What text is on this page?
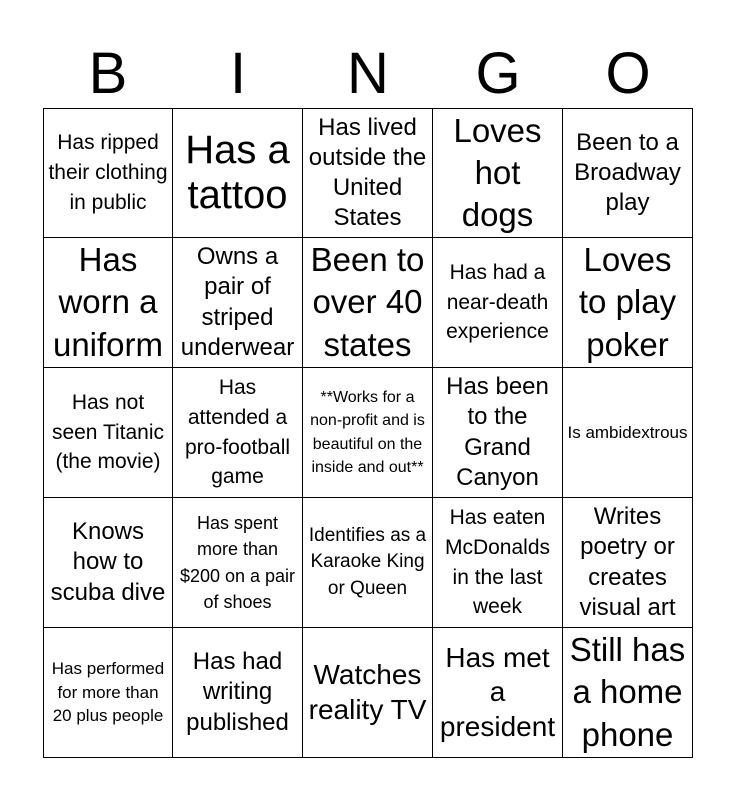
B	I	N	G	O
Has ripped their clothing in public
Has a tattoo
Has lived outside the United States
Loves hot dogs
Been to a Broadway play
Has worn a uniform
Owns a pair of striped underwear
Been to over 40 states
Has had a near-death experience
Loves to play poker
Has not seen Titanic (the movie)
Has attended a pro-football game
**Works for a non-profit and is beautiful on the inside and out**
Has been to the Grand Canyon
Is ambidextrous
Knows how to scuba dive
Has spent more than $200 on a pair of shoes
Identifies as a Karaoke King or Queen
Has eaten McDonalds in the last week
Writes poetry or creates visual art
Has performed for more than 20 plus people
Has had writing published
Watches reality TV
Has met a president
Still has a home phone
